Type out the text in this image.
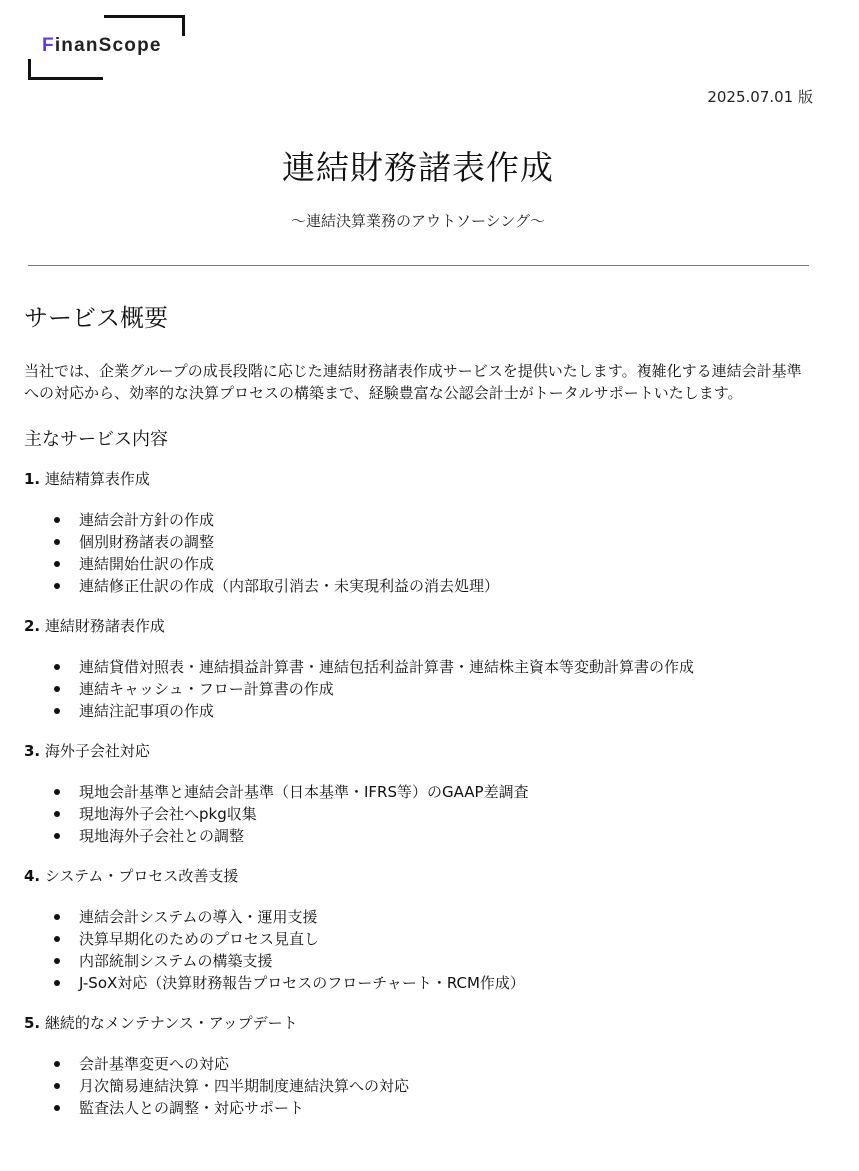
FinanScope
2025.07.01 版
連結財務諸表作成
〜連結決算業務のアウトソーシング〜
サービス概要

当社では、企業グループの成長段階に応じた連結財務諸表作成サービスを提供いたします。複雑化する連結会計基準への対応から、効率的な決算プロセスの構築まで、経験豊富な公認会計士がトータルサポートいたします。

主なサービス内容
1. 連結精算表作成
連結会計方針の作成
個別財務諸表の調整
連結開始仕訳の作成
連結修正仕訳の作成（内部取引消去・未実現利益の消去処理）
2. 連結財務諸表作成
連結貸借対照表・連結損益計算書・連結包括利益計算書・連結株主資本等変動計算書の作成
連結キャッシュ・フロー計算書の作成
連結注記事項の作成
3. 海外子会社対応
現地会計基準と連結会計基準（日本基準・IFRS等）のGAAP差調査
現地海外子会社へpkg収集
現地海外子会社との調整
4. システム・プロセス改善支援
連結会計システムの導入・運用支援
決算早期化のためのプロセス見直し
内部統制システムの構築支援
J-SoX対応（決算財務報告プロセスのフローチャート・RCM作成）
5. 継続的なメンテナンス・アップデート
会計基準変更への対応
月次簡易連結決算・四半期制度連結決算への対応
監査法人との調整・対応サポート
